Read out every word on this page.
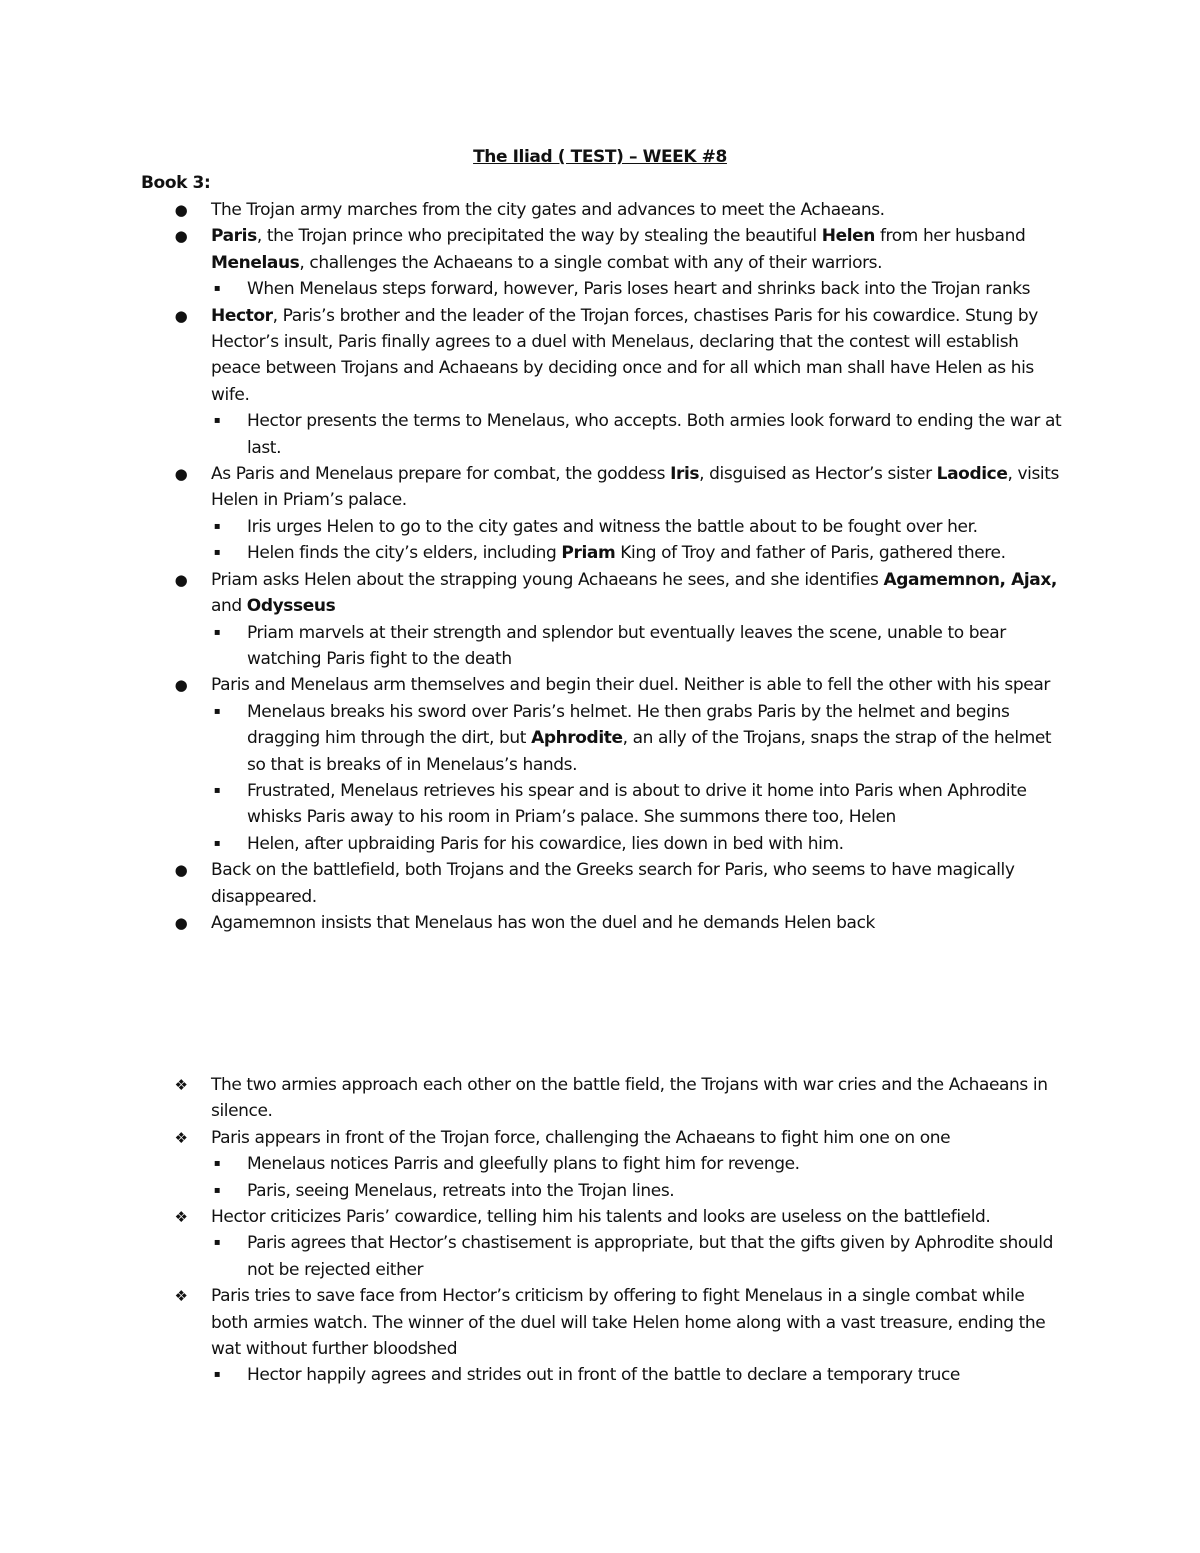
The Iliad ( TEST) – WEEK #8

Book 3:

● The Trojan army marches from the city gates and advances to meet the Achaeans.
● Paris, the Trojan prince who precipitated the way by stealing the beautiful Helen from her husband Menelaus, challenges the Achaeans to a single combat with any of their warriors.
▪ When Menelaus steps forward, however, Paris loses heart and shrinks back into the Trojan ranks
● Hector, Paris’s brother and the leader of the Trojan forces, chastises Paris for his cowardice. Stung by Hector’s insult, Paris finally agrees to a duel with Menelaus, declaring that the contest will establish peace between Trojans and Achaeans by deciding once and for all which man shall have Helen as his wife.
▪ Hector presents the terms to Menelaus, who accepts. Both armies look forward to ending the war at last.
● As Paris and Menelaus prepare for combat, the goddess Iris, disguised as Hector’s sister Laodice, visits Helen in Priam’s palace.
▪ Iris urges Helen to go to the city gates and witness the battle about to be fought over her.
▪ Helen finds the city’s elders, including Priam King of Troy and father of Paris, gathered there.
● Priam asks Helen about the strapping young Achaeans he sees, and she identifies Agamemnon, Ajax, and Odysseus
▪ Priam marvels at their strength and splendor but eventually leaves the scene, unable to bear watching Paris fight to the death
● Paris and Menelaus arm themselves and begin their duel. Neither is able to fell the other with his spear
▪ Menelaus breaks his sword over Paris’s helmet. He then grabs Paris by the helmet and begins dragging him through the dirt, but Aphrodite, an ally of the Trojans, snaps the strap of the helmet so that is breaks of in Menelaus’s hands.
▪ Frustrated, Menelaus retrieves his spear and is about to drive it home into Paris when Aphrodite whisks Paris away to his room in Priam’s palace. She summons there too, Helen
▪ Helen, after upbraiding Paris for his cowardice, lies down in bed with him.
● Back on the battlefield, both Trojans and the Greeks search for Paris, who seems to have magically disappeared.
● Agamemnon insists that Menelaus has won the duel and he demands Helen back
❖ The two armies approach each other on the battle field, the Trojans with war cries and the Achaeans in silence.
❖ Paris appears in front of the Trojan force, challenging the Achaeans to fight him one on one
▪ Menelaus notices Parris and gleefully plans to fight him for revenge.
▪ Paris, seeing Menelaus, retreats into the Trojan lines.
❖ Hector criticizes Paris’ cowardice, telling him his talents and looks are useless on the battlefield.
▪ Paris agrees that Hector’s chastisement is appropriate, but that the gifts given by Aphrodite should not be rejected either
❖ Paris tries to save face from Hector’s criticism by offering to fight Menelaus in a single combat while both armies watch. The winner of the duel will take Helen home along with a vast treasure, ending the wat without further bloodshed
▪ Hector happily agrees and strides out in front of the battle to declare a temporary truce
